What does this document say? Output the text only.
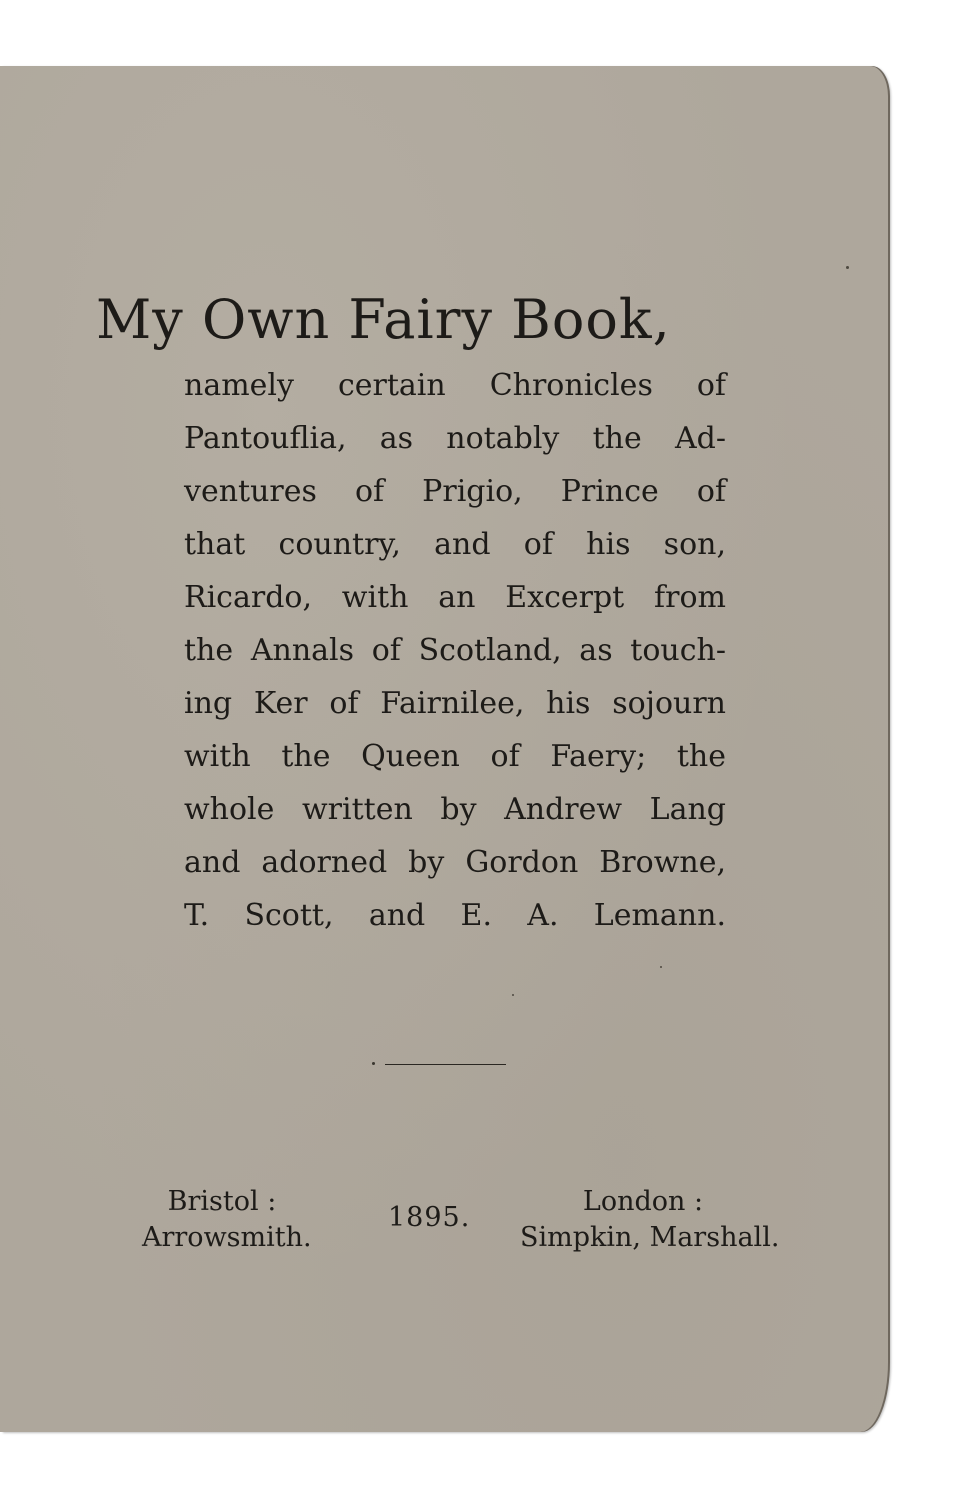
My Own Fairy Book,

namely certain Chronicles of

Pantouflia, as notably the Ad-

ventures of Prigio, Prince of

that country, and of his son,

Ricardo, with an Excerpt from

the Annals of Scotland, as touch-

ing Ker of Fairnilee, his sojourn

with the Queen of Faery; the

whole written by Andrew Lang

and adorned by Gordon Browne,

T. Scott, and E. A. Lemann.

Bristol :
Arrowsmith.

1895.

London :
Simpkin, Marshall.
